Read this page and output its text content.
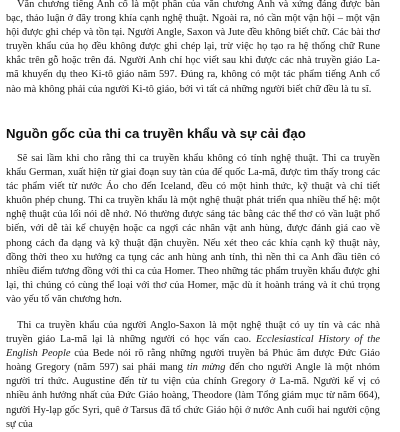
Văn chương tiếng Anh cổ là một phần của văn chương Anh và xứng đáng được bàn bạc, thảo luận ở đây trong khía cạnh nghệ thuật. Ngoài ra, nó cần một vận hội – một vận hội được ghi chép và tồn tại. Người Angle, Saxon và Jute đều không biết chữ. Các bài thơ truyền khẩu của họ đều không được ghi chép lại, trừ việc họ tạo ra hệ thống chữ Rune khắc trên gỗ hoặc trên đá. Người Anh chỉ học viết sau khi được các nhà truyền giáo La-mã khuyến dụ theo Ki-tô giáo năm 597. Đúng ra, không có một tác phẩm tiếng Anh cổ nào mà không phải của người Ki-tô giáo, bởi vì tất cả những người biết chữ đều là tu sĩ.

Nguồn gốc của thi ca truyền khẩu và sự cải đạo

Sẽ sai lầm khi cho rằng thi ca truyền khẩu không có tính nghệ thuật. Thi ca truyền khẩu German, xuất hiện từ giai đoạn suy tàn của đế quốc La-mã, được tìm thấy trong các tác phẩm viết từ nước Áo cho đến Iceland, đều có một hình thức, kỹ thuật và chỉ tiết khuôn phép chung. Thi ca truyền khẩu là một nghệ thuật phát triển qua nhiều thế hệ: một nghệ thuật của lối nói dễ nhớ. Nó thường được sáng tác bằng các thể thơ có vần luật phổ biến, với dễ tài kể chuyện hoặc ca ngợi các nhân vật anh hùng, được đánh giá cao về phong cách đa dạng và kỹ thuật đặn chuyền. Nếu xét theo các khía cạnh kỹ thuật này, đồng thời theo xu hướng ca tụng các anh hùng anh tính, thì nền thi ca Anh đầu tiên có nhiều điểm tương đồng với thi ca của Homer. Theo những tác phẩm truyền khẩu được ghi lại, thì chúng có cùng thể loại với thơ của Homer, mặc dù ít hoành tráng và ít chú trọng vào yếu tố văn chương hơn.

Thi ca truyền khẩu của người Anglo-Saxon là một nghệ thuật có uy tín và các nhà truyền giáo La-mã lại là những người có học vấn cao. Ecclesiastical History of the English People của Bede nói rõ rằng những người truyền bá Phúc âm được Đức Giáo hoàng Gregory (năm 597) sai phái mang tin mừng đến cho người Angle là một nhóm người trí thức. Augustine đến từ tu viện của chính Gregory ở La-mã. Người kế vị có nhiều ảnh hưởng nhất của Đức Giáo hoàng, Theodore (làm Tổng giám mục từ năm 664), người Hy-lạp gốc Syri, quê ở Tarsus đã tổ chức Giáo hội ở nước Anh cuối hai người cộng sự của
